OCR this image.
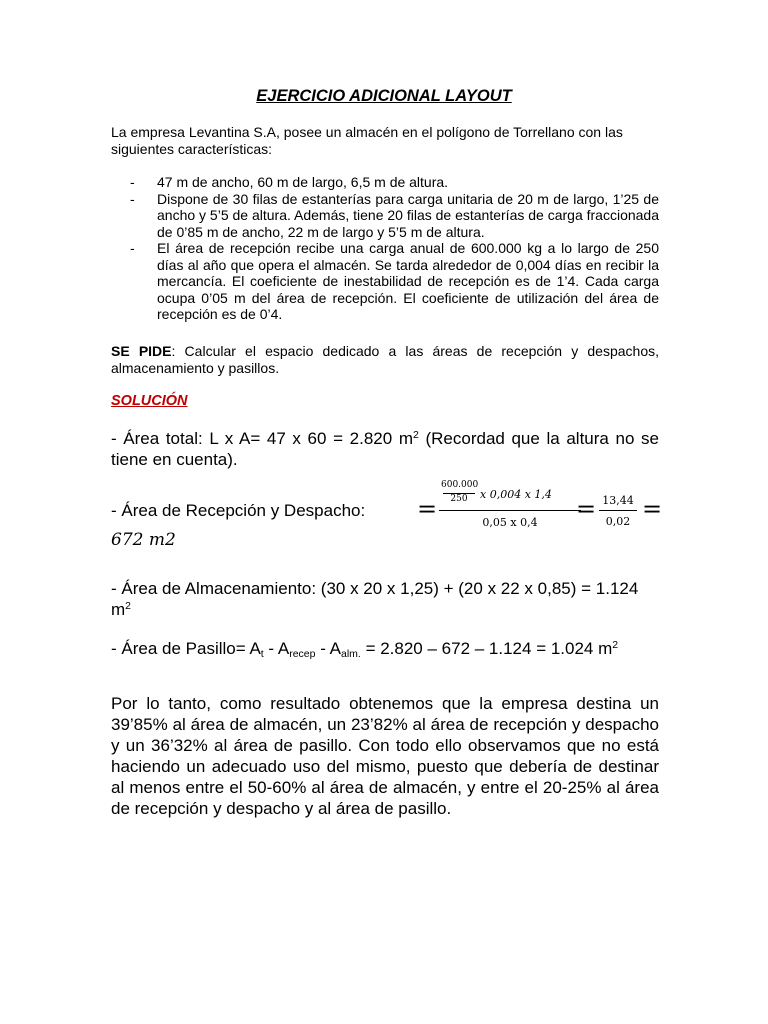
EJERCICIO ADICIONAL LAYOUT
La empresa Levantina S.A, posee un almacén en el polígono de Torrellano con las siguientes características:
- 47 m de ancho, 60 m de largo, 6,5 m de altura.
- Dispone de 30 filas de estanterías para carga unitaria de 20 m de largo, 1’25 de ancho y 5’5 de altura. Además, tiene 20 filas de estanterías de carga fraccionada de 0’85 m de ancho, 22 m de largo y 5’5 m de altura.
- El área de recepción recibe una carga anual de 600.000 kg a lo largo de 250 días al año que opera el almacén. Se tarda alrededor de 0,004 días en recibir la mercancía. El coeficiente de inestabilidad de recepción es de 1’4. Cada carga ocupa 0’05 m del área de recepción. El coeficiente de utilización del área de recepción es de 0’4.
SE PIDE: Calcular el espacio dedicado a las áreas de recepción y despachos, almacenamiento y pasillos.
SOLUCIÓN
- Área total: L x A= 47 x 60 = 2.820 $m^2$ (Recordad que la altura no se tiene en cuenta).
- Área de Recepción y Despacho: =
600.000
250	x 0,004 x 1,4
0,05 x 0,4	= 13,44
0,02 =
672 m2
- Área de Almacenamiento: (30 x 20 x 1,25) + (20 x 22 x 0,85) = 1.124 $m^2$
- Área de Pasillo= $A_t - A_{recep} - A_{alm.} = 2.820 - 672 - 1.124 = 1.024$ $m^2$
Por lo tanto, como resultado obtenemos que la empresa destina un 39’85% al área de almacén, un 23’82% al área de recepción y despacho y un 36’32% al área de pasillo. Con todo ello observamos que no está haciendo un adecuado uso del mismo, puesto que debería de destinar al menos entre el 50-60% al área de almacén, y entre el 20-25% al área de recepción y despacho y al área de pasillo.
